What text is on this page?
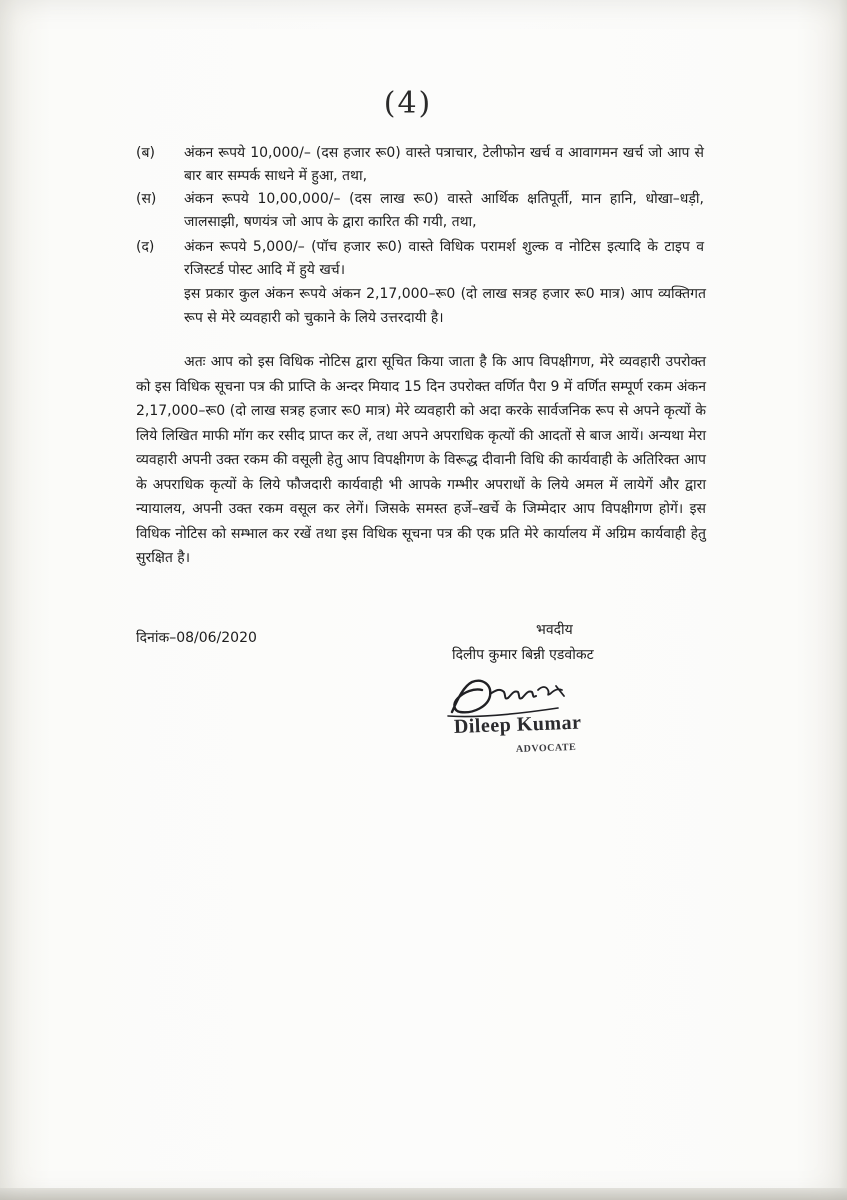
(4)
(ब)	अंकन रूपये 10,000/– (दस हजार रू0) वास्ते पत्राचार, टेलीफोन खर्च व आवागमन खर्च जो आप से बार बार सम्पर्क साधने में हुआ, तथा,
(स)	अंकन रूपये 10,00,000/– (दस लाख रू0) वास्ते आर्थिक क्षतिपूर्ती, मान हानि, धोखा–धड़ी, जालसाझी, षणयंत्र जो आप के द्वारा कारित की गयी, तथा,
(द)	अंकन रूपये 5,000/– (पॉच हजार रू0) वास्ते विधिक परामर्श शुल्क व नोटिस इत्यादि के टाइप व रजिस्टर्ड पोस्ट आदि में हुये खर्च।
इस प्रकार कुल अंकन रूपये अंकन 2,17,000–रू0 (दो लाख सत्रह हजार रू0 मात्र) आप व्यक्तिगत रूप से मेरे व्यवहारी को चुकाने के लिये उत्तरदायी है।
अतः आप को इस विधिक नोटिस द्वारा सूचित किया जाता है कि आप विपक्षीगण, मेरे व्यवहारी उपरोक्त को इस विधिक सूचना पत्र की प्राप्ति के अन्दर मियाद 15 दिन उपरोक्त वर्णित पैरा 9 में वर्णित सम्पूर्ण रकम अंकन 2,17,000–रू0 (दो लाख सत्रह हजार रू0 मात्र) मेरे व्यवहारी को अदा करके सार्वजनिक रूप से अपने कृत्यों के लिये लिखित माफी मॉग कर रसीद प्राप्त कर लें, तथा अपने अपराधिक कृत्यों की आदतों से बाज आयें। अन्यथा मेरा व्यवहारी अपनी उक्त रकम की वसूली हेतु आप विपक्षीगण के विरूद्ध दीवानी विधि की कार्यवाही के अतिरिक्त आप के अपराधिक कृत्यों के लिये फौजदारी कार्यवाही भी आपके गम्भीर अपराधों के लिये अमल में लायेगें और द्वारा न्यायालय, अपनी उक्त रकम वसूल कर लेगें। जिसके समस्त हर्जे–खर्चे के जिम्मेदार आप विपक्षीगण होगें। इस विधिक नोटिस को सम्भाल कर रखें तथा इस विधिक सूचना पत्र की एक प्रति मेरे कार्यालय में अग्रिम कार्यवाही हेतु सुरक्षित है।
दिनांक–08/06/2020	भवदीय
दिलीप कुमार बिन्नी एडवोकट
Dileep Kumar
ADVOCATE
